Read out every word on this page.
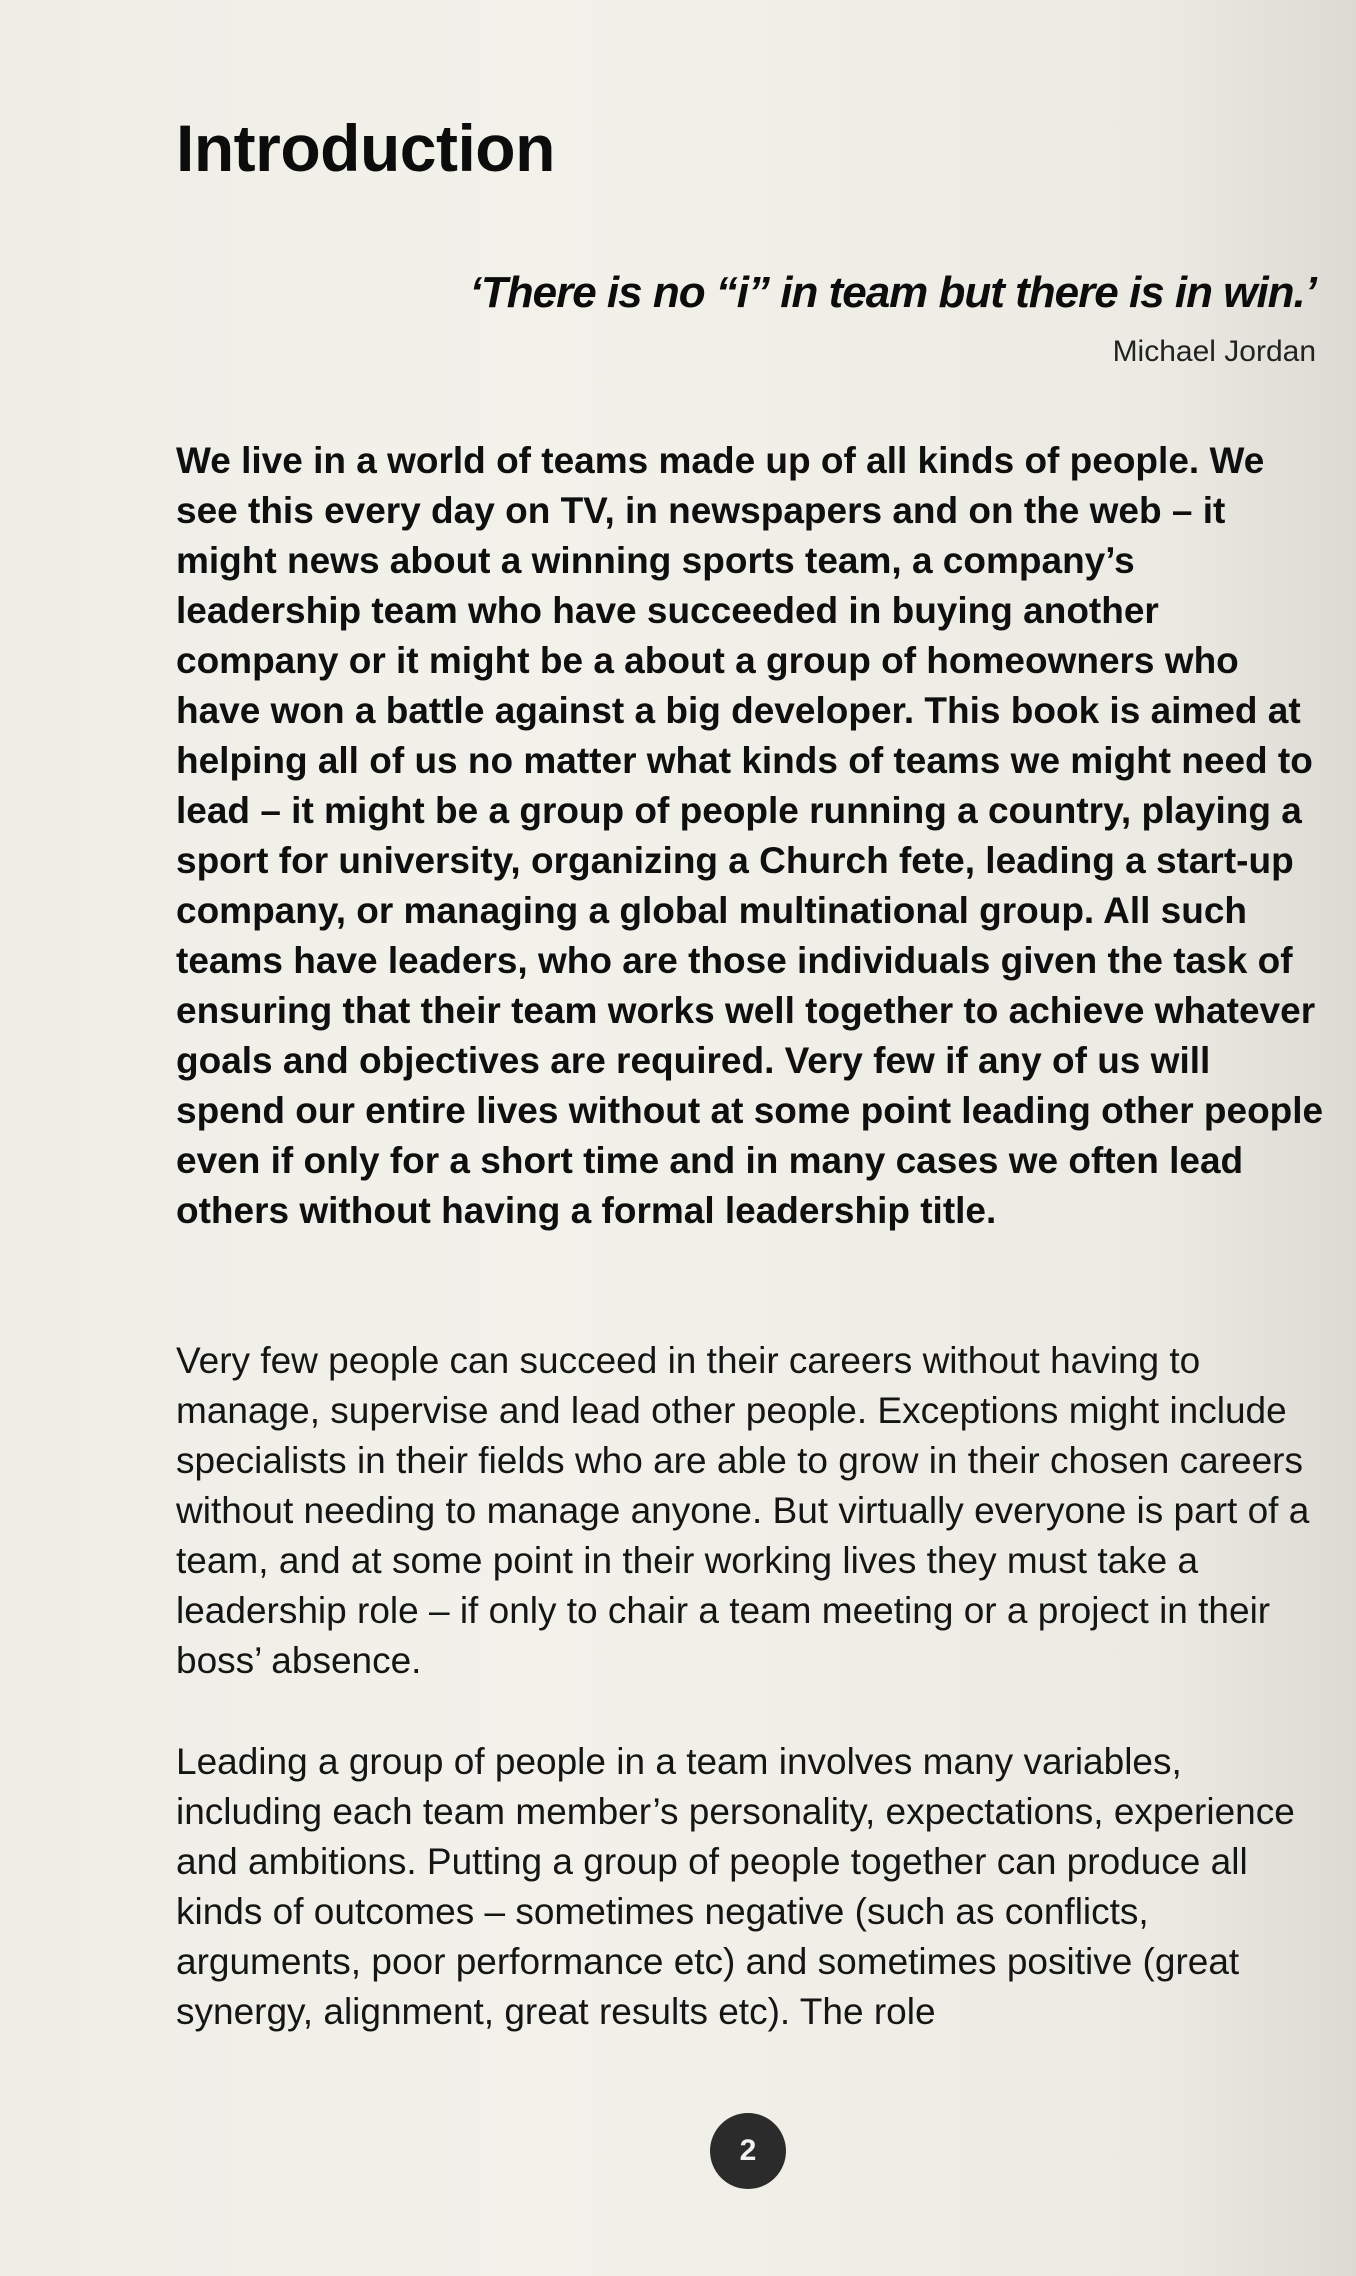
Introduction

‘There is no “i” in team but there is in win.’

Michael Jordan

We live in a world of teams made up of all kinds of people. We see this every day on TV, in newspapers and on the web – it might news about a winning sports team, a company’s leadership team who have succeeded in buying another company or it might be a about a group of homeowners who have won a battle against a big developer. This book is aimed at helping all of us no matter what kinds of teams we might need to lead – it might be a group of people running a country, playing a sport for university, organizing a Church fete, leading a start-up company, or managing a global multinational group. All such teams have leaders, who are those individuals given the task of ensuring that their team works well together to achieve whatever goals and objectives are required. Very few if any of us will spend our entire lives without at some point leading other people even if only for a short time and in many cases we often lead others without having a formal leadership title.

Very few people can succeed in their careers without having to manage, supervise and lead other people. Exceptions might include specialists in their fields who are able to grow in their chosen careers without needing to manage anyone. But virtually everyone is part of a team, and at some point in their working lives they must take a leadership role – if only to chair a team meeting or a project in their boss’ absence.

Leading a group of people in a team involves many variables, including each team member’s personality, expectations, experience and ambitions. Putting a group of people together can produce all kinds of outcomes – sometimes negative (such as conflicts, arguments, poor performance etc) and sometimes positive (great synergy, alignment, great results etc). The role

2
